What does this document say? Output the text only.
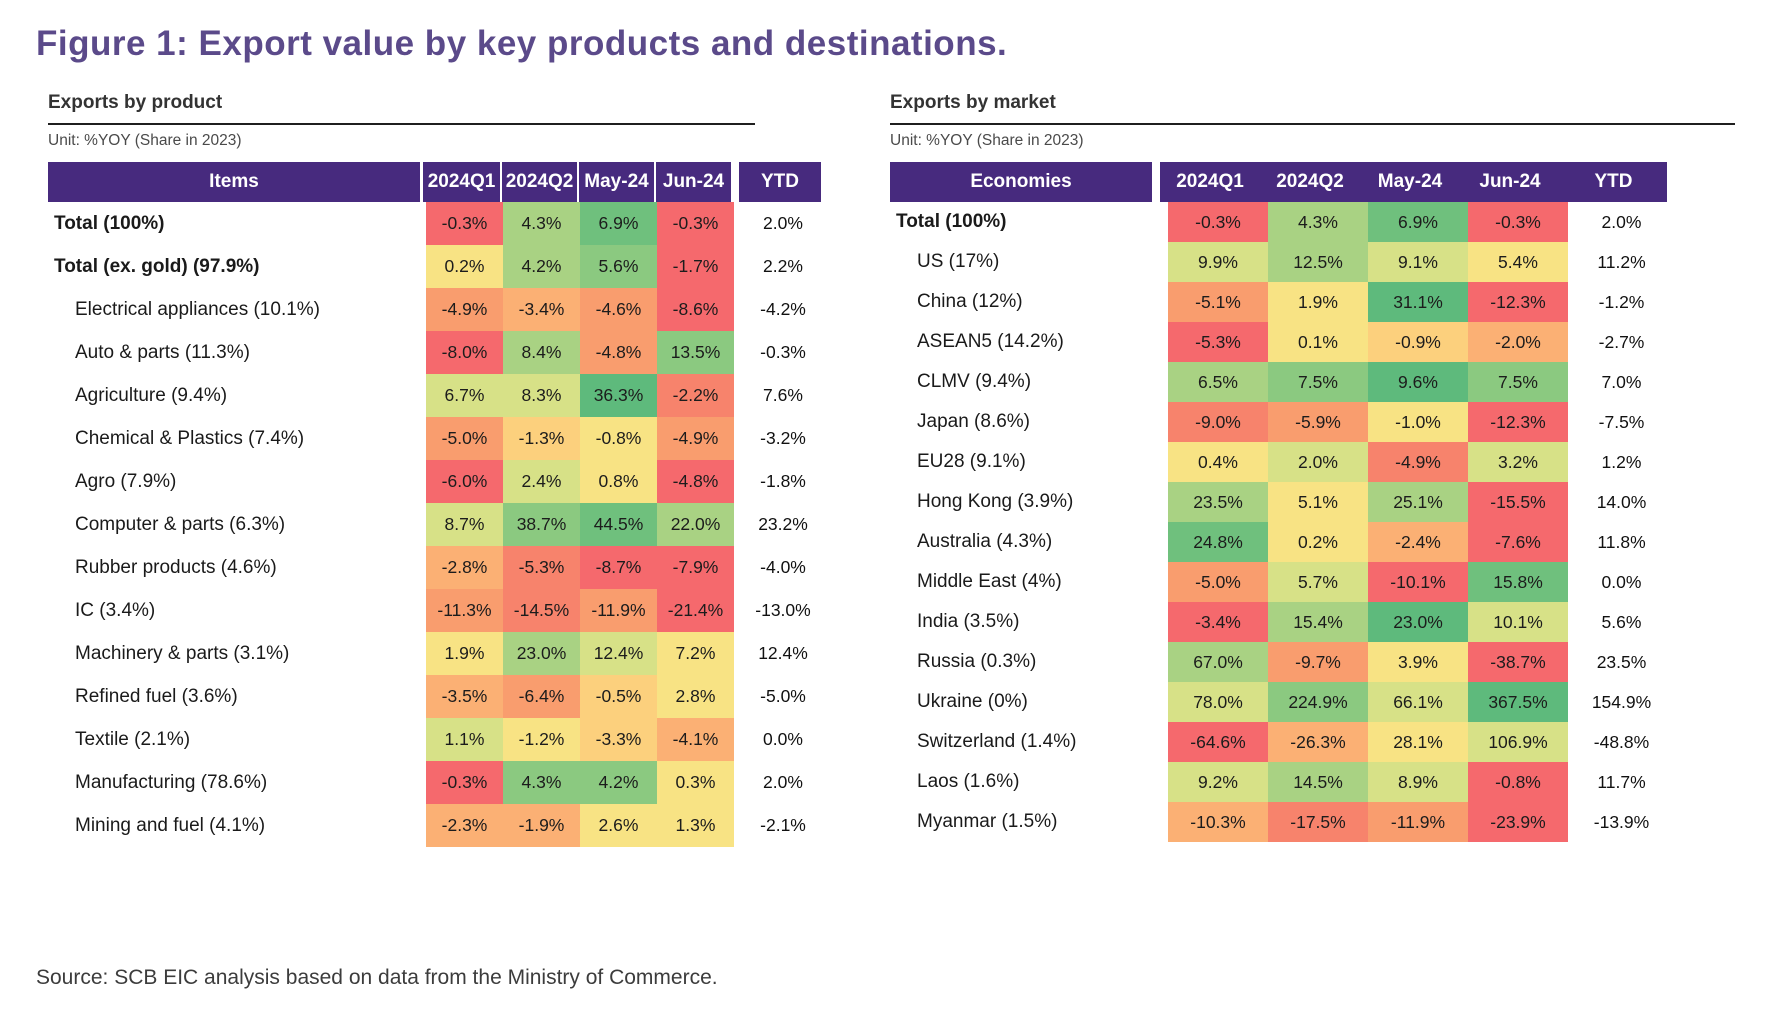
Figure 1: Export value by key products and destinations.
Exports by product
Unit: %YOY (Share in 2023)
Items	2024Q1 2024Q2 May-24 Jun-24	YTD
Total (100%)	-0.3%	4.3%	6.9%	-0.3%	2.0%
Total (ex. gold) (97.9%)	0.2%	4.2%	5.6%	-1.7%	2.2%
Electrical appliances (10.1%)	-4.9%	-3.4%	-4.6%	-8.6%	-4.2%
Auto & parts (11.3%)	-8.0%	8.4%	-4.8%	13.5%	-0.3%
Agriculture (9.4%)	6.7%	8.3%	36.3%	-2.2%	7.6%
Chemical & Plastics (7.4%)	-5.0%	-1.3%	-0.8%	-4.9%	-3.2%
Agro (7.9%)	-6.0%	2.4%	0.8%	-4.8%	-1.8%
Computer & parts (6.3%)	8.7%	38.7%	44.5%	22.0%	23.2%
Rubber products (4.6%)	-2.8%	-5.3%	-8.7%	-7.9%	-4.0%
IC (3.4%)	-11.3%	-14.5%	-11.9%	-21.4%	-13.0%
Machinery & parts (3.1%)	1.9%	23.0%	12.4%	7.2%	12.4%
Refined fuel (3.6%)	-3.5%	-6.4%	-0.5%	2.8%	-5.0%
Textile (2.1%)	1.1%	-1.2%	-3.3%	-4.1%	0.0%
Manufacturing (78.6%)	-0.3%	4.3%	4.2%	0.3%	2.0%
Mining and fuel (4.1%)	-2.3%	-1.9%	2.6%	1.3%	-2.1%
Exports by market
Unit: %YOY (Share in 2023)
Economies	2024Q1	2024Q2	May-24	Jun-24	YTD
Total (100%)	-0.3%	4.3%	6.9%	-0.3%	2.0%
US (17%)	9.9%	12.5%	9.1%	5.4%	11.2%
China (12%)	-5.1%	1.9%	31.1%	-12.3%	-1.2%
ASEAN5 (14.2%)	-5.3%	0.1%	-0.9%	-2.0%	-2.7%
CLMV (9.4%)	6.5%	7.5%	9.6%	7.5%	7.0%
Japan (8.6%)	-9.0%	-5.9%	-1.0%	-12.3%	-7.5%
EU28 (9.1%)	0.4%	2.0%	-4.9%	3.2%	1.2%
Hong Kong (3.9%)	23.5%	5.1%	25.1%	-15.5%	14.0%
Australia (4.3%)	24.8%	0.2%	-2.4%	-7.6%	11.8%
Middle East (4%)	-5.0%	5.7%	-10.1%	15.8%	0.0%
India (3.5%)	-3.4%	15.4%	23.0%	10.1%	5.6%
Russia (0.3%)	67.0%	-9.7%	3.9%	-38.7%	23.5%
Ukraine (0%)	78.0%	224.9%	66.1%	367.5%	154.9%
Switzerland (1.4%)	-64.6%	-26.3%	28.1%	106.9%	-48.8%
Laos (1.6%)	9.2%	14.5%	8.9%	-0.8%	11.7%
Myanmar (1.5%)	-10.3%	-17.5%	-11.9%	-23.9%	-13.9%
Source: SCB EIC analysis based on data from the Ministry of Commerce.
